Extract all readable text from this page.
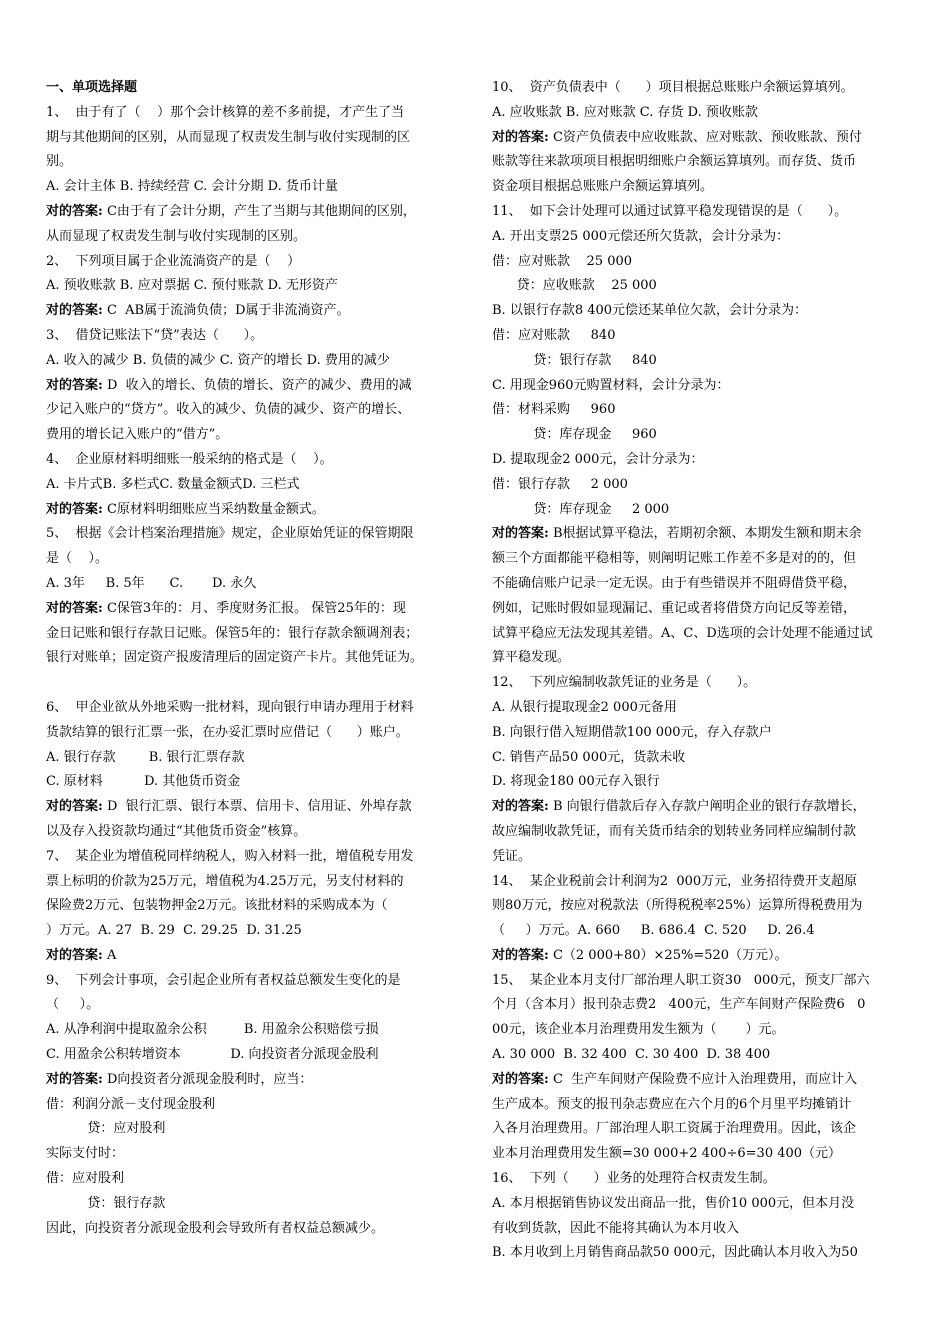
一、单项选择题
1、  由于有了（    ）那个会计核算的差不多前提，才产生了当
期与其他期间的区别，从而显现了权责发生制与收付实现制的区
别。
A. 会计主体 B. 持续经营 C. 会计分期 D. 货币计量
对的答案: C由于有了会计分期，产生了当期与其他期间的区别，
从而显现了权责发生制与收付实现制的区别。
2、  下列项目属于企业流淌资产的是（    ）
A. 预收账款 B. 应对票据 C. 预付账款 D. 无形资产
对的答案: C  AB属于流淌负债；D属于非流淌资产。
3、  借贷记账法下“贷”表达（      ）。
A. 收入的减少 B. 负债的减少 C. 资产的增长 D. 费用的减少
对的答案: D  收入的增长、负债的增长、资产的减少、费用的减
少记入账户的“贷方”。收入的减少、负债的减少、资产的增长、
费用的增长记入账户的“借方”。
4、  企业原材料明细账一般采纳的格式是（    ）。
A. 卡片式B. 多栏式C. 数量金额式D. 三栏式
对的答案: C原材料明细账应当采纳数量金额式。
5、  根据《会计档案治理措施》规定，企业原始凭证的保管期限
是（    ）。
A. 3年     B. 5年      C.       D. 永久
对的答案: C保管3年的：月、季度财务汇报。 保管25年的：现
金日记账和银行存款日记账。保管5年的：银行存款余额调剂表；
银行对账单；固定资产报废清理后的固定资产卡片。其他凭证为。
6、  甲企业欲从外地采购一批材料，现向银行申请办理用于材料
货款结算的银行汇票一张，在办妥汇票时应借记（      ）账户。
A. 银行存款        B. 银行汇票存款
C. 原材料          D. 其他货币资金
对的答案: D  银行汇票、银行本票、信用卡、信用证、外埠存款
以及存入投资款均通过“其他货币资金”核算。
7、  某企业为增值税同样纳税人，购入材料一批，增值税专用发
票上标明的价款为25万元，增值税为4.25万元，另支付材料的
保险费2万元、包装物押金2万元。该批材料的采购成本为（
）万元。A. 27  B. 29  C. 29.25  D. 31.25
对的答案: A
9、  下列会计事项，会引起企业所有者权益总额发生变化的是
（     ）。
A. 从净利润中提取盈余公积         B. 用盈余公积赔偿亏损
C. 用盈余公积转增资本            D. 向投资者分派现金股利
对的答案: D向投资者分派现金股利时，应当：
借：利润分派－支付现金股利
贷：应对股利
实际支付时：
借：应对股利
贷：银行存款
因此，向投资者分派现金股利会导致所有者权益总额减少。
10、  资产负债表中（      ）项目根据总账账户余额运算填列。
A. 应收账款 B. 应对账款 C. 存货 D. 预收账款
对的答案: C资产负债表中应收账款、应对账款、预收账款、预付
账款等往来款项项目根据明细账户余额运算填列。而存货、货币
资金项目根据总账账户余额运算填列。
11、  如下会计处理可以通过试算平稳发现错误的是（      ）。
A. 开出支票25 000元偿还所欠货款，会计分录为：
借：应对账款    25 000
贷：应收账款    25 000
B. 以银行存款8 400元偿还某单位欠款，会计分录为：
借：应对账款     840
贷：银行存款     840
C. 用现金960元购置材料，会计分录为：
借：材料采购     960
贷：库存现金     960
D. 提取现金2 000元，会计分录为：
借：银行存款     2 000
贷：库存现金     2 000
对的答案: B根据试算平稳法，若期初余额、本期发生额和期末余
额三个方面都能平稳相等，则阐明记账工作差不多是对的的，但
不能确信账户记录一定无误。由于有些错误并不阻碍借贷平稳，
例如，记账时假如显现漏记、重记或者将借贷方向记反等差错，
试算平稳应无法发现其差错。A、C、D选项的会计处理不能通过试
算平稳发现。
12、  下列应编制收款凭证的业务是（      ）。
A. 从银行提取现金2 000元备用
B. 向银行借入短期借款100 000元，存入存款户
C. 销售产品50 000元，货款未收
D. 将现金180 00元存入银行
对的答案: B 向银行借款后存入存款户阐明企业的银行存款增长，
故应编制收款凭证，而有关货币结余的划转业务同样应编制付款
凭证。
14、  某企业税前会计利润为2  000万元，业务招待费开支超原
则80万元，按应对税款法（所得税税率25%）运算所得税费用为
（     ）万元。A. 660     B. 686.4  C. 520     D. 26.4
对的答案: C（2 000+80）×25%=520（万元）。
15、  某企业本月支付厂部治理人职工资30   000元，预支厂部六
个月（含本月）报刊杂志费2   400元，生产车间财产保险费6   0
00元，该企业本月治理费用发生额为（       ）元。
A. 30 000  B. 32 400  C. 30 400  D. 38 400
对的答案: C  生产车间财产保险费不应计入治理费用，而应计入
生产成本。预支的报刊杂志费应在六个月的6个月里平均摊销计
入各月治理费用。厂部治理人职工资属于治理费用。因此，该企
业本月治理费用发生额=30 000+2 400÷6=30 400（元）
16、  下列（      ）业务的处理符合权责发生制。
A. 本月根据销售协议发出商品一批，售价10 000元，但本月没
有收到货款，因此不能将其确认为本月收入
B. 本月收到上月销售商品款50 000元，因此确认本月收入为50
